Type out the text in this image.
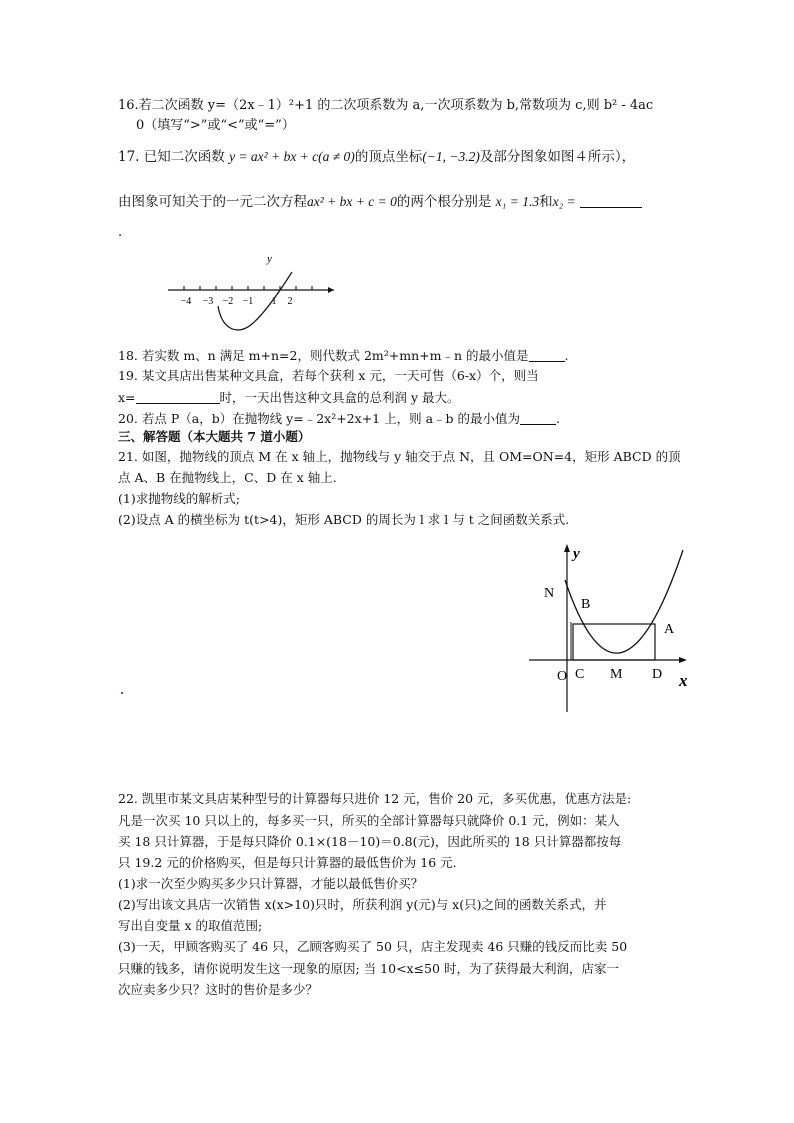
16.若二次函数 y=（2x﹣1）²+1 的二次项系数为 a,一次项系数为 b,常数项为 c,则 b² - 4ac
0（填写“>”或“<”或“=”）
17. 已知二次函数 y = ax² + bx + c(a ≠ 0)的顶点坐标(−1, −3.2)及部分图象如图４所示），
由图象可知关于的一元二次方程ax² + bx + c = 0的两个根分别是 x₁ = 1.3和x₂ =
.
y
−4 −3 −2 −1 1 2
18. 若实数 m、n 满足 m+n=2，则代数式 2m²+mn+m﹣n 的最小值是	.
19. 某文具店出售某种文具盒，若每个获利 x 元，一天可售（6-x）个，则当
x=	时，一天出售这种文具盒的总利润 y 最大。
20. 若点 P（a，b）在抛物线 y=﹣2x²+2x+1 上，则 a﹣b 的最小值为	.
三、解答题（本大题共 7 道小题）
21. 如图，抛物线的顶点 M 在 x 轴上，抛物线与 y 轴交于点 N，且 OM=ON=4，矩形 ABCD 的顶
点 A、B 在抛物线上，C、D 在 x 轴上.
(1)求抛物线的解析式;
(2)设点 A 的横坐标为 t(t>4)，矩形 ABCD 的周长为 l 求 l 与 t 之间函数关系式.
y
N
B
A
O C M D x
22. 凯里市某文具店某种型号的计算器每只进价 12 元，售价 20 元，多买优惠，优惠方法是:
凡是一次买 10 只以上的，每多买一只，所买的全部计算器每只就降价 0.1 元，例如：某人
买 18 只计算器，于是每只降价 0.1×(18－10)＝0.8(元)，因此所买的 18 只计算器都按每
只 19.2 元的价格购买，但是每只计算器的最低售价为 16 元.
(1)求一次至少购买多少只计算器，才能以最低售价买？
(2)写出该文具店一次销售 x(x>10)只时，所获利润 y(元)与 x(只)之间的函数关系式，并
写出自变量 x 的取值范围;
(3)一天，甲顾客购买了 46 只，乙顾客购买了 50 只，店主发现卖 46 只赚的钱反而比卖 50
只赚的钱多，请你说明发生这一现象的原因; 当 10<x≤50 时，为了获得最大利润，店家一
次应卖多少只？这时的售价是多少？
